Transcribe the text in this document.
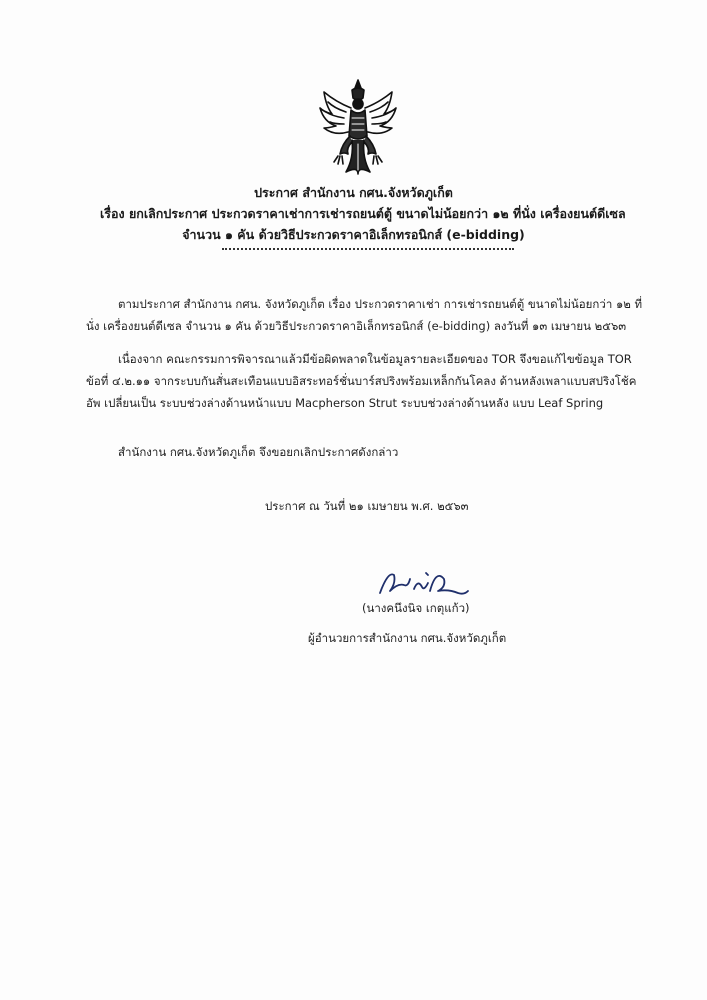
ประกาศ สำนักงาน กศน.จังหวัดภูเก็ต
เรื่อง ยกเลิกประกาศ ประกวดราคาเช่าการเช่ารถยนต์ตู้ ขนาดไม่น้อยกว่า ๑๒ ที่นั่ง เครื่องยนต์ดีเซล
จำนวน ๑ คัน ด้วยวิธีประกวดราคาอิเล็กทรอนิกส์ (e-bidding)
ตามประกาศ สำนักงาน กศน. จังหวัดภูเก็ต เรื่อง ประกวดราคาเช่า การเช่ารถยนต์ตู้ ขนาดไม่น้อยกว่า ๑๒ ที่
นั่ง เครื่องยนต์ดีเซล จำนวน ๑ คัน ด้วยวิธีประกวดราคาอิเล็กทรอนิกส์ (e-bidding) ลงวันที่ ๑๓ เมษายน ๒๕๖๓
เนื่องจาก คณะกรรมการพิจารณาแล้วมีข้อผิดพลาดในข้อมูลรายละเอียดของ TOR จึงขอแก้ไขข้อมูล TOR
ข้อที่ ๔.๒.๑๑ จากระบบกันสั่นสะเทือนแบบอิสระทอร์ชั่นบาร์สปริงพร้อมเหล็กกันโคลง ด้านหลังเพลาแบบสปริงโช้ค
อัพ เปลี่ยนเป็น ระบบช่วงล่างด้านหน้าแบบ Macpherson Strut ระบบช่วงล่างด้านหลัง แบบ Leaf Spring
สำนักงาน กศน.จังหวัดภูเก็ต จึงขอยกเลิกประกาศดังกล่าว
ประกาศ ณ วันที่ ๒๑ เมษายน พ.ศ. ๒๕๖๓
(นางคนึงนิจ เกตุแก้ว)
ผู้อำนวยการสำนักงาน กศน.จังหวัดภูเก็ต
